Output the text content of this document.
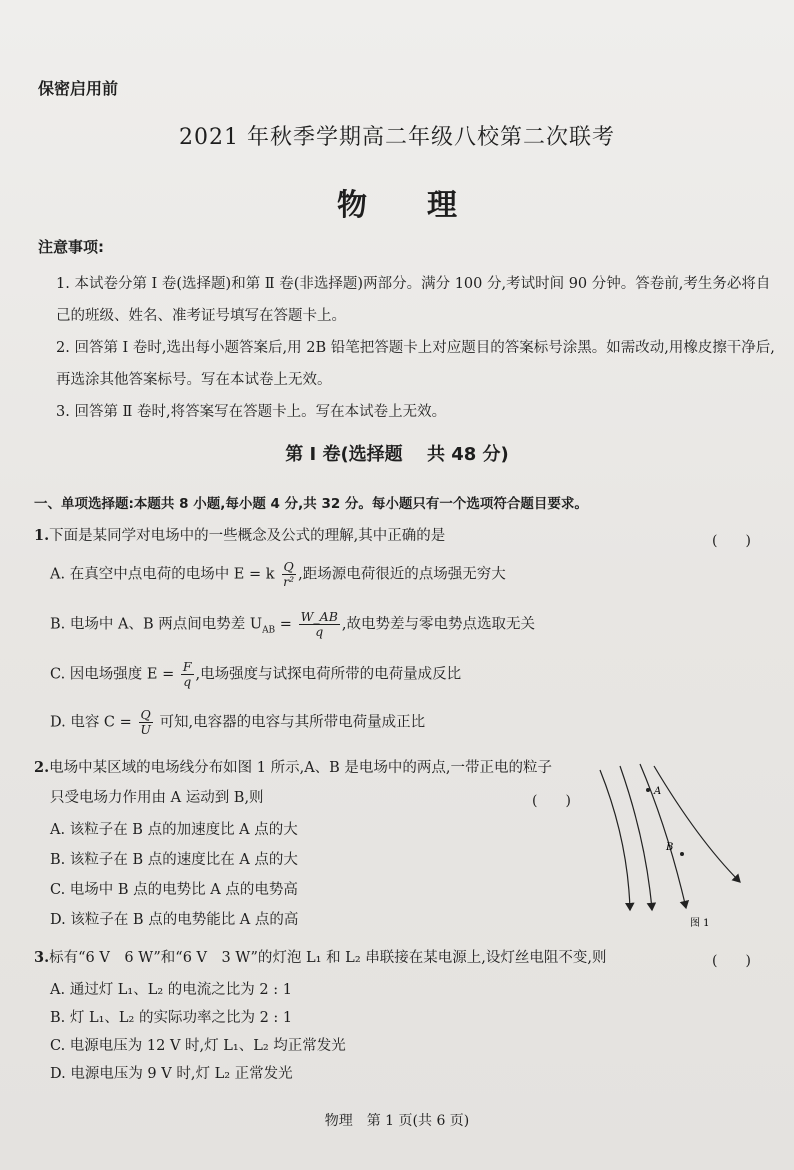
保密启用前
2021 年秋季学期高二年级八校第二次联考
物理
注意事项:

1. 本试卷分第 Ⅰ 卷(选择题)和第 Ⅱ 卷(非选择题)两部分。满分 100 分,考试时间 90 分钟。答卷前,考生务必将自己的班级、姓名、准考证号填写在答题卡上。

2. 回答第 Ⅰ 卷时,选出每小题答案后,用 2B 铅笔把答题卡上对应题目的答案标号涂黑。如需改动,用橡皮擦干净后,再选涂其他答案标号。写在本试卷上无效。

3. 回答第 Ⅱ 卷时,将答案写在答题卡上。写在本试卷上无效。

第 Ⅰ 卷(选择题　 共 48 分)
一、单项选择题:本题共 8 小题,每小题 4 分,共 32 分。每小题只有一个选项符合题目要求。
1.下面是某同学对电场中的一些概念及公式的理解,其中正确的是	(　　)
A. 在真空中点电荷的电场中 E = k $\frac{Q}{\text{r²}}$ ,距场源电荷很近的点场强无穷大
B. 电场中 A、B 两点间电势差 $U_{AB} = \frac{W\_AB}{q}$ ,故电势差与零电势点选取无关
C. 因电场强度 $E = \frac{F}{q}$ ,电场强度与试探电荷所带的电荷量成反比
D. 电容 $C = \frac{Q}{U}$ 可知,电容器的电容与其所带电荷量成正比
2.电场中某区域的电场线分布如图 1 所示,A、B 是电场中的两点,一带正电的粒子
只受电场力作用由 A 运动到 B,则	(　　)
A. 该粒子在 B 点的加速度比 A 点的大
B. 该粒子在 B 点的速度比在 A 点的大
C. 电场中 B 点的电势比 A 点的电势高
D. 该粒子在 B 点的电势能比 A 点的高
A
B
图 1
3.标有“6 V　6 W”和“6 V　3 W”的灯泡 L₁ 和 L₂ 串联接在某电源上,设灯丝电阻不变,则	(　　)
A. 通过灯 L₁、L₂ 的电流之比为 2 : 1
B. 灯 L₁、L₂ 的实际功率之比为 2 : 1
C. 电源电压为 12 V 时,灯 L₁、L₂ 均正常发光
D. 电源电压为 9 V 时,灯 L₂ 正常发光
物理　第 1 页(共 6 页)
